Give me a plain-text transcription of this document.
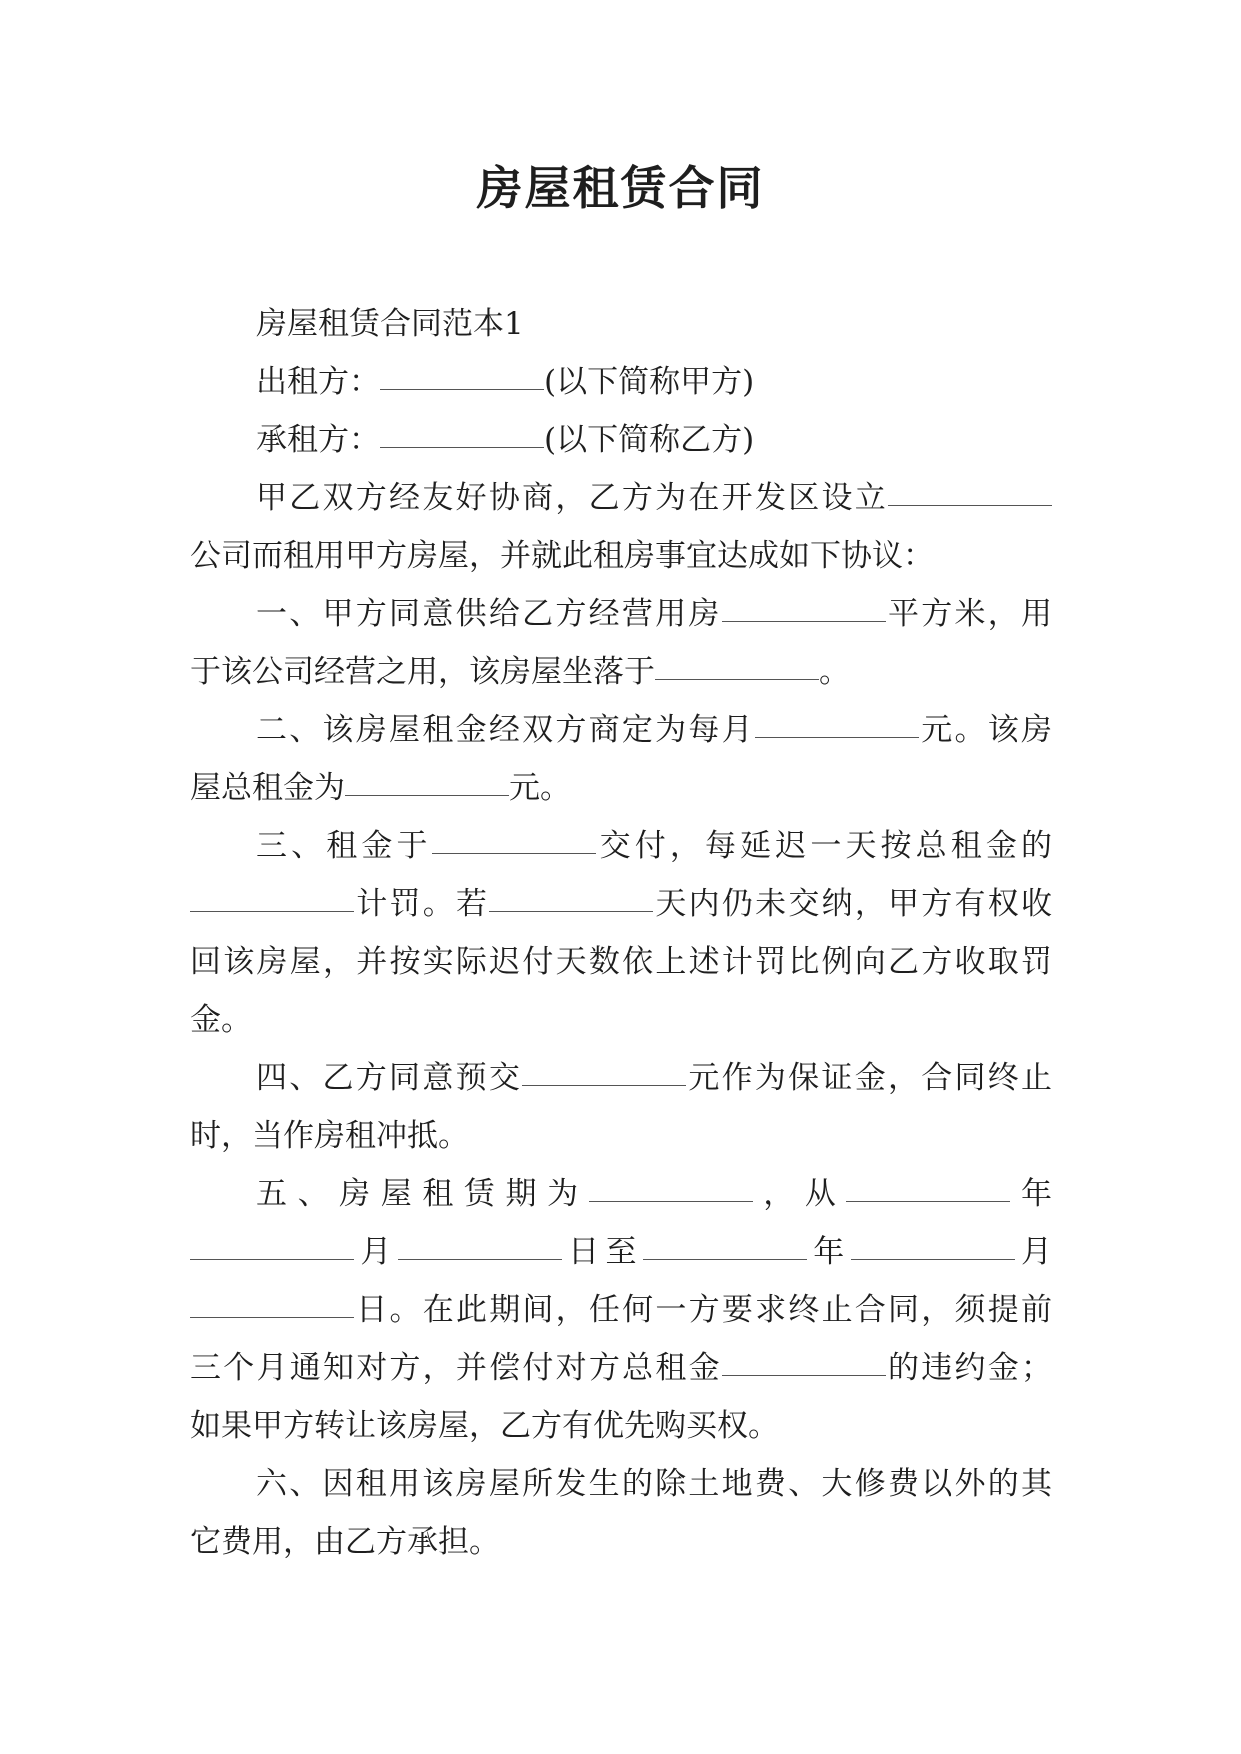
房屋租赁合同
房屋租赁合同范本1
出租方：	(以下简称甲方)
承租方：	(以下简称乙方)
甲乙双方经友好协商，乙方为在开发区设立
公司而租用甲方房屋，并就此租房事宜达成如下协议：
一、甲方同意供给乙方经营用房	平方米，用
于该公司经营之用，该房屋坐落于	。
二、该房屋租金经双方商定为每月	元。该房
屋总租金为	元。
三、租金于	交付，每延迟一天按总租金的
计罚。若	天内仍未交纳，甲方有权收
回该房屋，并按实际迟付天数依上述计罚比例向乙方收取罚
金。
四、乙方同意预交	元作为保证金，合同终止
时，当作房租冲抵。
五、房屋租赁期为	，从	年
月	日至	年	月
日。在此期间，任何一方要求终止合同，须提前
三个月通知对方，并偿付对方总租金	的违约金；
如果甲方转让该房屋，乙方有优先购买权。
六、因租用该房屋所发生的除土地费、大修费以外的其
它费用，由乙方承担。
